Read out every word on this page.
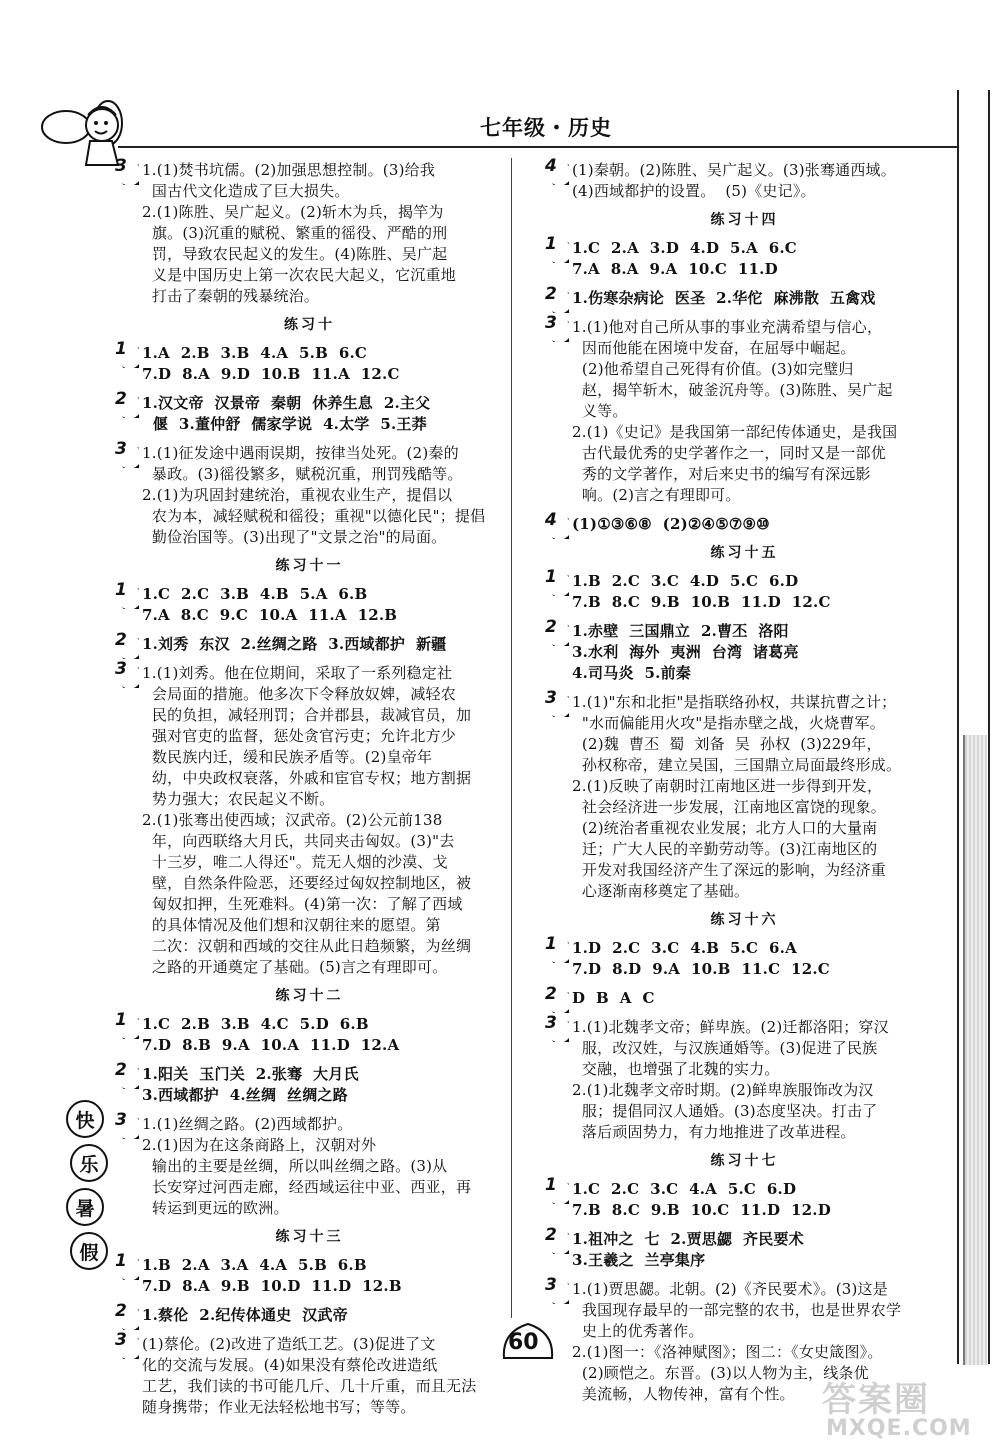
七年级・历史
3 1.(1)焚书坑儒。(2)加强思想控制。(3)给我
国古代文化造成了巨大损失。
2.(1)陈胜、吴广起义。(2)斩木为兵，揭竿为
旗。(3)沉重的赋税、繁重的徭役、严酷的刑
罚，导致农民起义的发生。(4)陈胜、吴广起
义是中国历史上第一次农民大起义，它沉重地
打击了秦朝的残暴统治。
练习十
1 1.A  2.B  3.B  4.A  5.B  6.C
7.D  8.A  9.D  10.B  11.A  12.C
2 1.汉文帝  汉景帝  秦朝  休养生息  2.主父
偃  3.董仲舒  儒家学说  4.太学  5.王莽
3 1.(1)征发途中遇雨误期，按律当处死。(2)秦的
暴政。(3)徭役繁多，赋税沉重，刑罚残酷等。
2.(1)为巩固封建统治，重视农业生产，提倡以
农为本，减轻赋税和徭役；重视"以德化民"；提倡
勤俭治国等。(3)出现了"文景之治"的局面。
练习十一
1 1.C  2.C  3.B  4.B  5.A  6.B
7.A  8.C  9.C  10.A  11.A  12.B
2 1.刘秀  东汉  2.丝绸之路  3.西域都护  新疆
3 1.(1)刘秀。他在位期间，采取了一系列稳定社
会局面的措施。他多次下令释放奴婢，减轻农
民的负担，减轻刑罚；合并郡县，裁减官员，加
强对官吏的监督，惩处贪官污吏；允许北方少
数民族内迁，缓和民族矛盾等。(2)皇帝年
幼，中央政权衰落，外戚和宦官专权；地方割据
势力强大；农民起义不断。
2.(1)张骞出使西域；汉武帝。(2)公元前138
年，向西联络大月氏，共同夹击匈奴。(3)"去
十三岁，唯二人得还"。荒无人烟的沙漠、戈
壁，自然条件险恶，还要经过匈奴控制地区，被
匈奴扣押，生死难料。(4)第一次：了解了西域
的具体情况及他们想和汉朝往来的愿望。第
二次：汉朝和西域的交往从此日趋频繁，为丝绸
之路的开通奠定了基础。(5)言之有理即可。
练习十二
1 1.C  2.B  3.B  4.C  5.D  6.B
7.D  8.B  9.A  10.A  11.D  12.A
2 1.阳关  玉门关  2.张骞  大月氏
3.西域都护  4.丝绸  丝绸之路
3 1.(1)丝绸之路。(2)西域都护。
2.(1)因为在这条商路上，汉朝对外
输出的主要是丝绸，所以叫丝绸之路。(3)从
长安穿过河西走廊，经西域运往中亚、西亚，再
转运到更远的欧洲。
练习十三
1 1.B  2.A  3.A  4.A  5.B  6.B
7.D  8.A  9.B  10.D  11.D  12.B
2 1.蔡伦  2.纪传体通史  汉武帝
3 (1)蔡伦。(2)改进了造纸工艺。(3)促进了文
化的交流与发展。(4)如果没有蔡伦改进造纸
工艺，我们读的书可能几斤、几十斤重，而且无法
随身携带；作业无法轻松地书写；等等。
4 (1)秦朝。(2)陈胜、吴广起义。(3)张骞通西域。
(4)西域都护的设置。  (5)《史记》。
练习十四
1 1.C  2.A  3.D  4.D  5.A  6.C
7.A  8.A  9.A  10.C  11.D
2 1.伤寒杂病论  医圣  2.华佗  麻沸散  五禽戏
3 1.(1)他对自己所从事的事业充满希望与信心，
因而他能在困境中发奋，在屈辱中崛起。
(2)他希望自己死得有价值。(3)如完璧归
赵，揭竿斩木，破釜沉舟等。(3)陈胜、吴广起
义等。
2.(1)《史记》是我国第一部纪传体通史，是我国
古代最优秀的史学著作之一，同时又是一部优
秀的文学著作，对后来史书的编写有深远影
响。(2)言之有理即可。
4 (1)①③⑥⑧  (2)②④⑤⑦⑨⑩
练习十五
1 1.B  2.C  3.C  4.D  5.C  6.D
7.B  8.C  9.B  10.B  11.D  12.C
2 1.赤壁  三国鼎立  2.曹丕  洛阳
3.水利  海外  夷洲  台湾  诸葛亮
4.司马炎  5.前秦
3 1.(1)"东和北拒"是指联络孙权，共谋抗曹之计；
"水而偏能用火攻"是指赤壁之战，火烧曹军。
(2)魏  曹丕  蜀  刘备  吴  孙权  (3)229年，
孙权称帝，建立吴国，三国鼎立局面最终形成。
2.(1)反映了南朝时江南地区进一步得到开发，
社会经济进一步发展，江南地区富饶的现象。
(2)统治者重视农业发展；北方人口的大量南
迁；广大人民的辛勤劳动等。(3)江南地区的
开发对我国经济产生了深远的影响，为经济重
心逐渐南移奠定了基础。
练习十六
1 1.D  2.C  3.C  4.B  5.C  6.A
7.D  8.D  9.A  10.B  11.C  12.C
2 D  B  A  C
3 1.(1)北魏孝文帝；鲜卑族。(2)迁都洛阳；穿汉
服，改汉姓，与汉族通婚等。(3)促进了民族
交融，也增强了北魏的实力。
2.(1)北魏孝文帝时期。(2)鲜卑族服饰改为汉
服；提倡同汉人通婚。(3)态度坚决。打击了
落后顽固势力，有力地推进了改革进程。
练习十七
1 1.C  2.C  3.C  4.A  5.C  6.D
7.B  8.C  9.B  10.C  11.D  12.D
2 1.祖冲之  七  2.贾思勰  齐民要术
3.王羲之  兰亭集序
3 1.(1)贾思勰。北朝。(2)《齐民要术》。(3)这是
我国现存最早的一部完整的农书，也是世界农学
史上的优秀著作。
2.(1)图一：《洛神赋图》；图二：《女史箴图》。
(2)顾恺之。东晋。(3)以人物为主，线条优
美流畅，人物传神，富有个性。
快
乐
暑
假
60
答案圈
MXQE.COM
